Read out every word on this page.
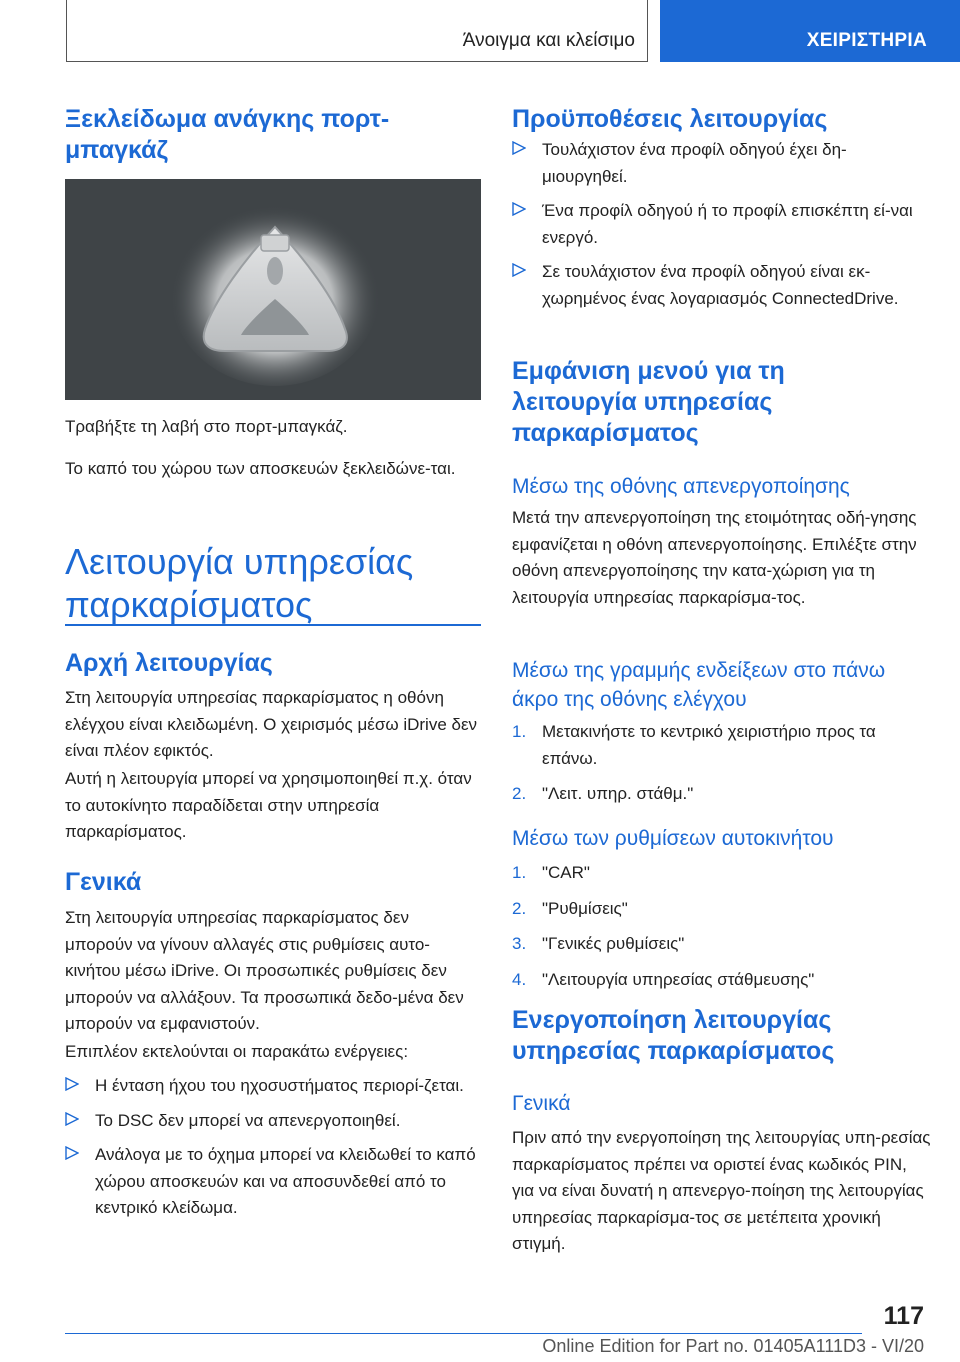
Άνοιγμα και κλείσιμο	ΧΕΙΡΙΣΤΗΡΙΑ
Ξεκλείδωμα ανάγκης πορτ-μπαγκάζ

Τραβήξτε τη λαβή στο πορτ-μπαγκάζ.

Το καπό του χώρου των αποσκευών ξεκλειδώνε-ται.

Λειτουργία υπηρεσίας παρκαρίσματος
Αρχή λειτουργίας

Στη λειτουργία υπηρεσίας παρκαρίσματος η οθόνη ελέγχου είναι κλειδωμένη. Ο χειρισμός μέσω iDrive δεν είναι πλέον εφικτός.

Αυτή η λειτουργία μπορεί να χρησιμοποιηθεί π.χ. όταν το αυτοκίνητο παραδίδεται στην υπηρεσία παρκαρίσματος.

Γενικά

Στη λειτουργία υπηρεσίας παρκαρίσματος δεν μπορούν να γίνουν αλλαγές στις ρυθμίσεις αυτο-κινήτου μέσω iDrive. Οι προσωπικές ρυθμίσεις δεν μπορούν να αλλάξουν. Τα προσωπικά δεδο-μένα δεν μπορούν να εμφανιστούν.

Επιπλέον εκτελούνται οι παρακάτω ενέργειες:

Η ένταση ήχου του ηχοσυστήματος περιορί-ζεται.
Το DSC δεν μπορεί να απενεργοποιηθεί.
Ανάλογα με το όχημα μπορεί να κλειδωθεί το καπό χώρου αποσκευών και να αποσυνδεθεί από το κεντρικό κλείδωμα.
Προϋποθέσεις λειτουργίας
Τουλάχιστον ένα προφίλ οδηγού έχει δη-μιουργηθεί.
Ένα προφίλ οδηγού ή το προφίλ επισκέπτη εί-ναι ενεργό.
Σε τουλάχιστον ένα προφίλ οδηγού είναι εκ-χωρημένος ένας λογαριασμός ConnectedDrive.
Εμφάνιση μενού για τη λειτουργία υπηρεσίας παρκαρίσματος
Μέσω της οθόνης απενεργοποίησης

Μετά την απενεργοποίηση της ετοιμότητας οδή-γησης εμφανίζεται η οθόνη απενεργοποίησης. Επιλέξτε στην οθόνη απενεργοποίησης την κατα-χώριση για τη λειτουργία υπηρεσίας παρκαρίσμα-τος.

Μέσω της γραμμής ενδείξεων στο πάνω άκρο της οθόνης ελέγχου
1. Μετακινήστε το κεντρικό χειριστήριο προς τα επάνω.
2. "Λειτ. υπηρ. στάθμ."
Μέσω των ρυθμίσεων αυτοκινήτου
1. "CAR"
2. "Ρυθμίσεις"
3. "Γενικές ρυθμίσεις"
4. "Λειτουργία υπηρεσίας στάθμευσης"
Ενεργοποίηση λειτουργίας υπηρεσίας παρκαρίσματος
Γενικά

Πριν από την ενεργοποίηση της λειτουργίας υπη-ρεσίας παρκαρίσματος πρέπει να οριστεί ένας κωδικός PIN, για να είναι δυνατή η απενεργο-ποίηση της λειτουργίας υπηρεσίας παρκαρίσμα-τος σε μετέπειτα χρονική στιγμή.

117
Online Edition for Part no. 01405A111D3 - VI/20
